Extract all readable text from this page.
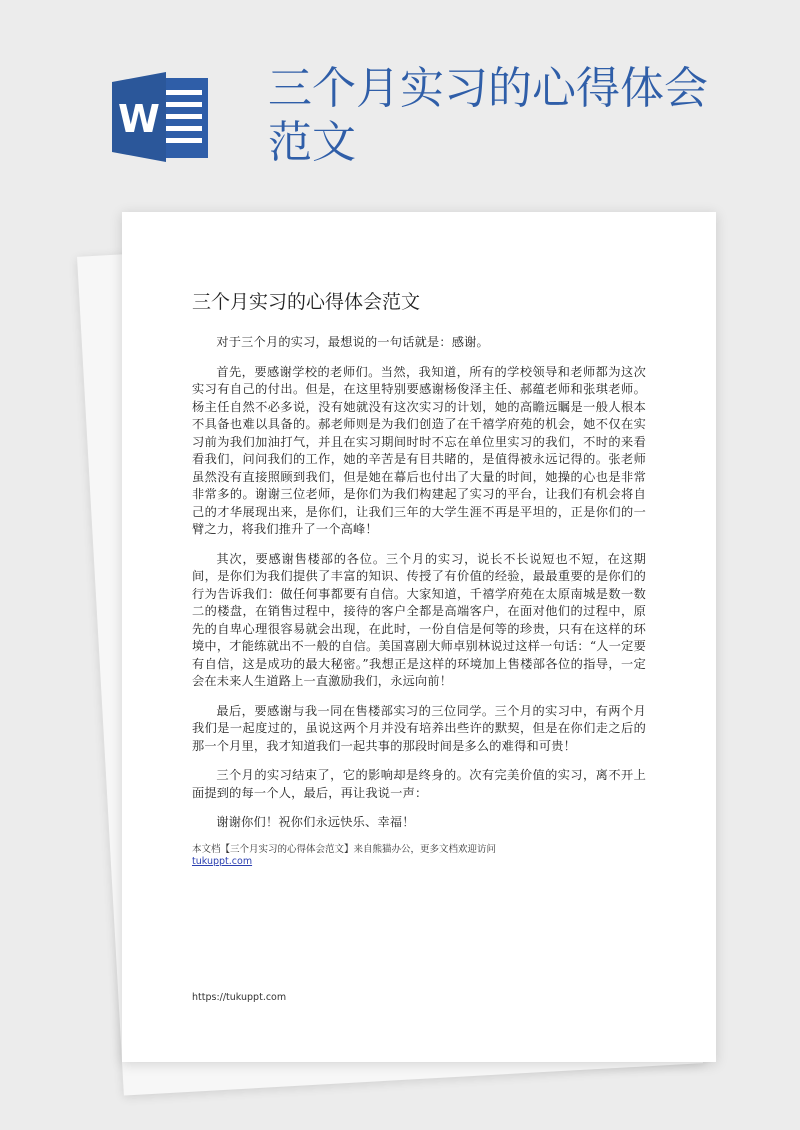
W
三个月实习的心得体会范文
三个月实习的心得体会范文

对于三个月的实习，最想说的一句话就是：感谢。

首先，要感谢学校的老师们。当然，我知道，所有的学校领导和老师都为这次实习有自己的付出。但是，在这里特别要感谢杨俊泽主任、郝蕴老师和张琪老师。杨主任自然不必多说，没有她就没有这次实习的计划，她的高瞻远瞩是一般人根本不具备也难以具备的。郝老师则是为我们创造了在千禧学府苑的机会，她不仅在实习前为我们加油打气，并且在实习期间时时不忘在单位里实习的我们，不时的来看看我们，问问我们的工作，她的辛苦是有目共睹的，是值得被永远记得的。张老师虽然没有直接照顾到我们，但是她在幕后也付出了大量的时间，她操的心也是非常非常多的。谢谢三位老师，是你们为我们构建起了实习的平台，让我们有机会将自己的才华展现出来，是你们，让我们三年的大学生涯不再是平坦的，正是你们的一臂之力，将我们推升了一个高峰！

其次，要感谢售楼部的各位。三个月的实习，说长不长说短也不短，在这期间，是你们为我们提供了丰富的知识、传授了有价值的经验，最最重要的是你们的行为告诉我们：做任何事都要有自信。大家知道，千禧学府苑在太原南城是数一数二的楼盘，在销售过程中，接待的客户全都是高端客户，在面对他们的过程中，原先的自卑心理很容易就会出现，在此时，一份自信是何等的珍贵，只有在这样的环境中，才能练就出不一般的自信。美国喜剧大师卓别林说过这样一句话：“人一定要有自信，这是成功的最大秘密。”我想正是这样的环境加上售楼部各位的指导，一定会在未来人生道路上一直激励我们，永远向前！

最后，要感谢与我一同在售楼部实习的三位同学。三个月的实习中，有两个月我们是一起度过的，虽说这两个月并没有培养出些许的默契，但是在你们走之后的那一个月里，我才知道我们一起共事的那段时间是多么的难得和可贵！

三个月的实习结束了，它的影响却是终身的。次有完美价值的实习，离不开上面提到的每一个人，最后，再让我说一声：

谢谢你们！祝你们永远快乐、幸福！

本文档【三个月实习的心得体会范文】来自熊猫办公，更多文档欢迎访问
tukuppt.com
https://tukuppt.com
